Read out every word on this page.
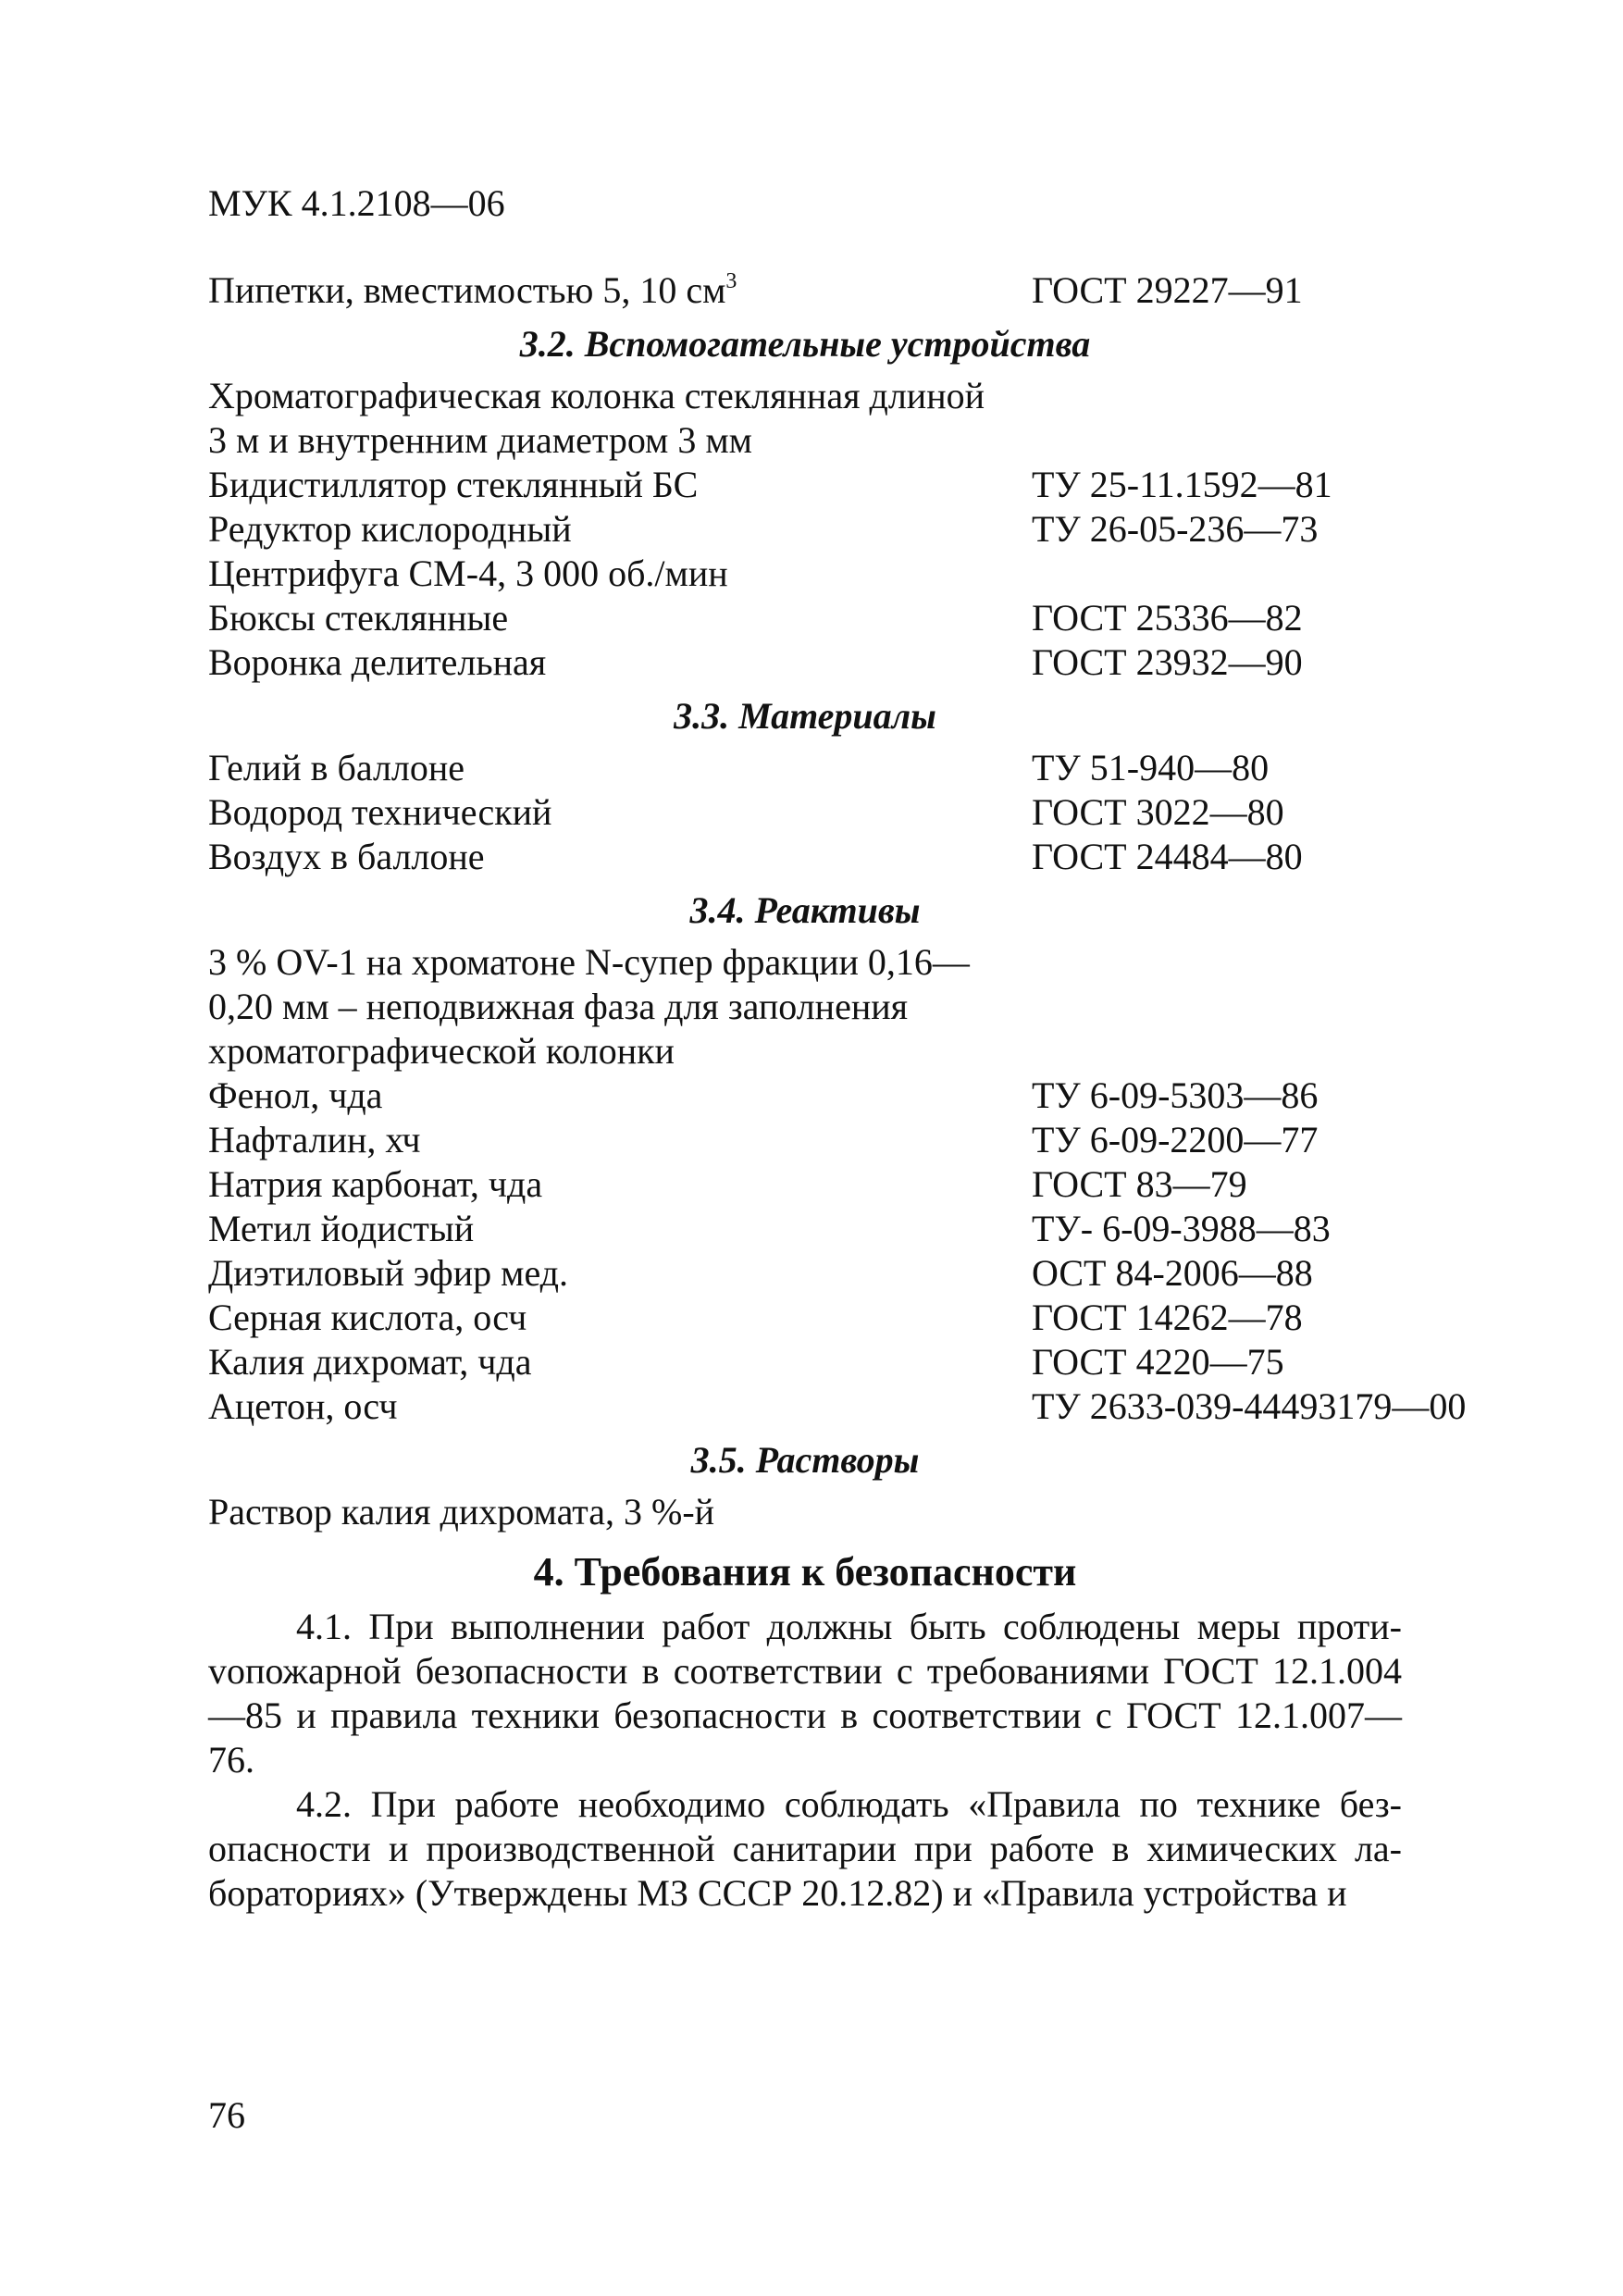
МУК 4.1.2108—06
Пипетки, вместимостью 5, 10 $см^3$	ГОСТ 29227—91
3.2. Вспомогательные устройства
Хроматографическая колонка стеклянная длиной
3 м и внутренним диаметром 3 мм
Бидистиллятор стеклянный БС	ТУ 25-11.1592—81
Редуктор кислородный	ТУ 26-05-236—73
Центрифуга СМ-4, 3 000 об./мин
Бюксы стеклянные	ГОСТ 25336—82
Воронка делительная	ГОСТ 23932—90
3.3. Материалы
Гелий в баллоне	ТУ 51-940—80
Водород технический	ГОСТ 3022—80
Воздух в баллоне	ГОСТ 24484—80
3.4. Реактивы
3 % OV-1 на хроматоне N-супер фракции 0,16—
0,20 мм – неподвижная фаза для заполнения
хроматографической колонки
Фенол, чда	ТУ 6-09-5303—86
Нафталин, хч	ТУ 6-09-2200—77
Натрия карбонат, чда	ГОСТ 83—79
Метил йодистый	ТУ- 6-09-3988—83
Диэтиловый эфир мед.	ОСТ 84-2006—88
Серная кислота, осч	ГОСТ 14262—78
Калия дихромат, чда	ГОСТ 4220—75
Ацетон, осч	ТУ 2633-039-44493179—00
3.5. Растворы
Раствор калия дихромата, 3 %-й
4. Требования к безопасности

4.1. При выполнении работ должны быть соблюдены меры протиvопожарной безопасности в соответствии с требованиями ГОСТ 12.1.004—85 и правила техники безопасности в соответствии с ГОСТ 12.1.007—76.

4.2. При работе необходимо соблюдать «Правила по технике безопасности и производственной санитарии при работе в химических лабораториях» (Утверждены МЗ СССР 20.12.82) и «Правила устройства и

76
